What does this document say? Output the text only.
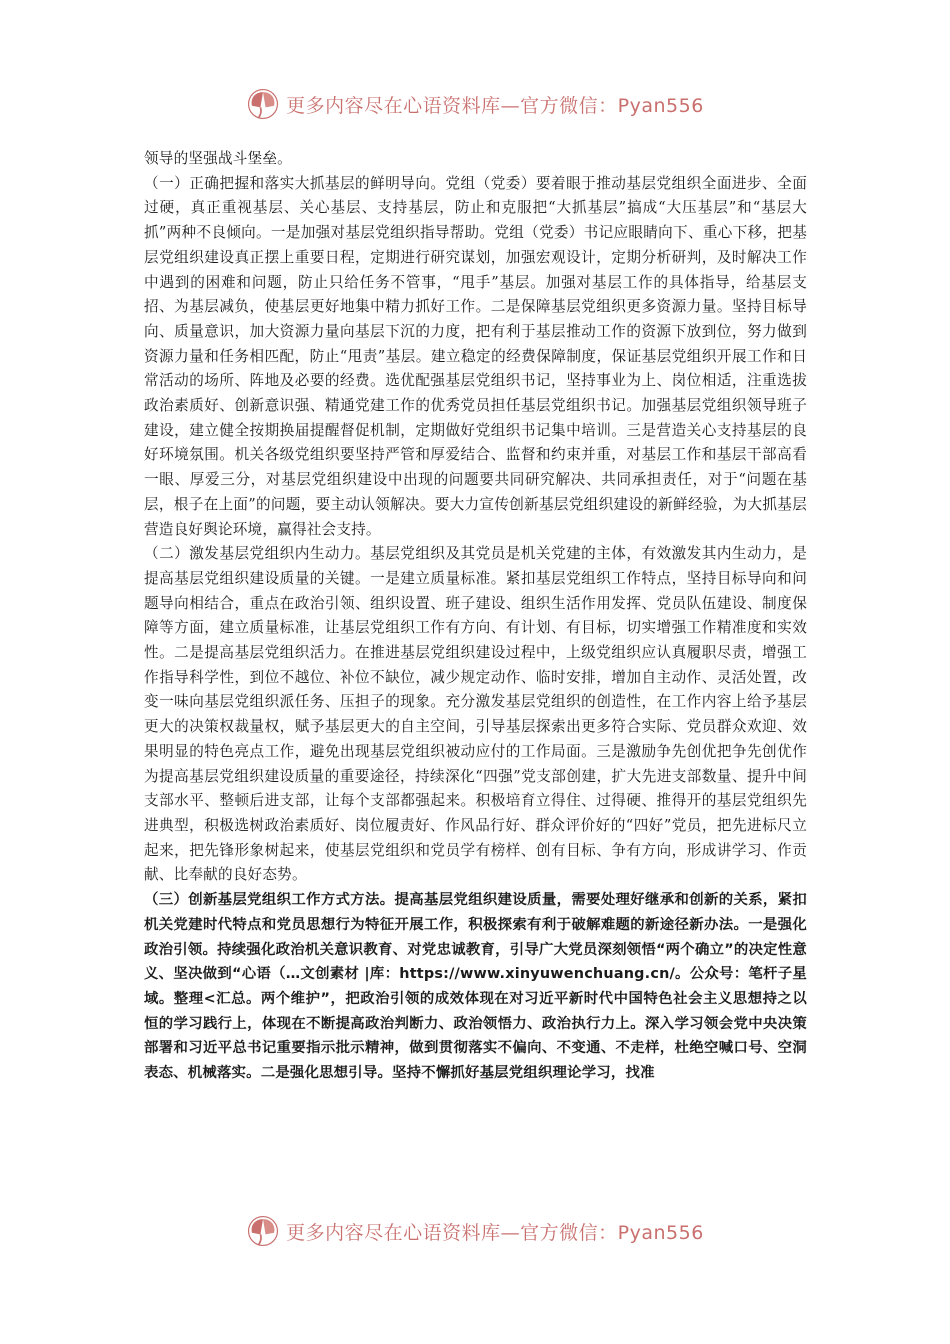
更多内容尽在心语资料库—官方微信：Pyan556

领导的坚强战斗堡垒。

（一）正确把握和落实大抓基层的鲜明导向。党组（党委）要着眼于推动基层党组织全面进步、全面过硬，真正重视基层、关心基层、支持基层，防止和克服把“大抓基层”搞成“大压基层”和“基层大抓”两种不良倾向。一是加强对基层党组织指导帮助。党组（党委）书记应眼睛向下、重心下移，把基层党组织建设真正摆上重要日程，定期进行研究谋划，加强宏观设计，定期分析研判，及时解决工作中遇到的困难和问题，防止只给任务不管事，“甩手”基层。加强对基层工作的具体指导，给基层支招、为基层减负，使基层更好地集中精力抓好工作。二是保障基层党组织更多资源力量。坚持目标导向、质量意识，加大资源力量向基层下沉的力度，把有利于基层推动工作的资源下放到位，努力做到资源力量和任务相匹配，防止“甩责”基层。建立稳定的经费保障制度，保证基层党组织开展工作和日常活动的场所、阵地及必要的经费。选优配强基层党组织书记，坚持事业为上、岗位相适，注重选拔政治素质好、创新意识强、精通党建工作的优秀党员担任基层党组织书记。加强基层党组织领导班子建设，建立健全按期换届提醒督促机制，定期做好党组织书记集中培训。三是营造关心支持基层的良好环境氛围。机关各级党组织要坚持严管和厚爱结合、监督和约束并重，对基层工作和基层干部高看一眼、厚爱三分，对基层党组织建设中出现的问题要共同研究解决、共同承担责任，对于“问题在基层，根子在上面”的问题，要主动认领解决。要大力宣传创新基层党组织建设的新鲜经验，为大抓基层营造良好舆论环境，赢得社会支持。

（二）激发基层党组织内生动力。基层党组织及其党员是机关党建的主体，有效激发其内生动力，是提高基层党组织建设质量的关键。一是建立质量标准。紧扣基层党组织工作特点，坚持目标导向和问题导向相结合，重点在政治引领、组织设置、班子建设、组织生活作用发挥、党员队伍建设、制度保障等方面，建立质量标准，让基层党组织工作有方向、有计划、有目标，切实增强工作精准度和实效性。二是提高基层党组织活力。在推进基层党组织建设过程中，上级党组织应认真履职尽责，增强工作指导科学性，到位不越位、补位不缺位，减少规定动作、临时安排，增加自主动作、灵活处置，改变一味向基层党组织派任务、压担子的现象。充分激发基层党组织的创造性，在工作内容上给予基层更大的决策权裁量权，赋予基层更大的自主空间，引导基层探索出更多符合实际、党员群众欢迎、效果明显的特色亮点工作，避免出现基层党组织被动应付的工作局面。三是激励争先创优把争先创优作为提高基层党组织建设质量的重要途径，持续深化“四强”党支部创建，扩大先进支部数量、提升中间支部水平、整顿后进支部，让每个支部都强起来。积极培育立得住、过得硬、推得开的基层党组织先进典型，积极选树政治素质好、岗位履责好、作风品行好、群众评价好的“四好”党员，把先进标尺立起来，把先锋形象树起来，使基层党组织和党员学有榜样、创有目标、争有方向，形成讲学习、作贡献、比奉献的良好态势。

（三）创新基层党组织工作方式方法。提高基层党组织建设质量，需要处理好继承和创新的关系，紧扣机关党建时代特点和党员思想行为特征开展工作，积极探索有利于破解难题的新途径新办法。一是强化政治引领。持续强化政治机关意识教育、对党忠诚教育，引导广大党员深刻领悟“两个确立”的决定性意义、坚决做到“心语（…文创素材 |库：https://www.xinyuwenchuang.cn/。公众号：笔杆子星域。整理<汇总。两个维护”，把政治引领的成效体现在对习近平新时代中国特色社会主义思想持之以恒的学习践行上，体现在不断提高政治判断力、政治领悟力、政治执行力上。深入学习领会党中央决策部署和习近平总书记重要指示批示精神，做到贯彻落实不偏向、不变通、不走样，杜绝空喊口号、空洞表态、机械落实。二是强化思想引导。坚持不懈抓好基层党组织理论学习，找准

更多内容尽在心语资料库—官方微信：Pyan556
